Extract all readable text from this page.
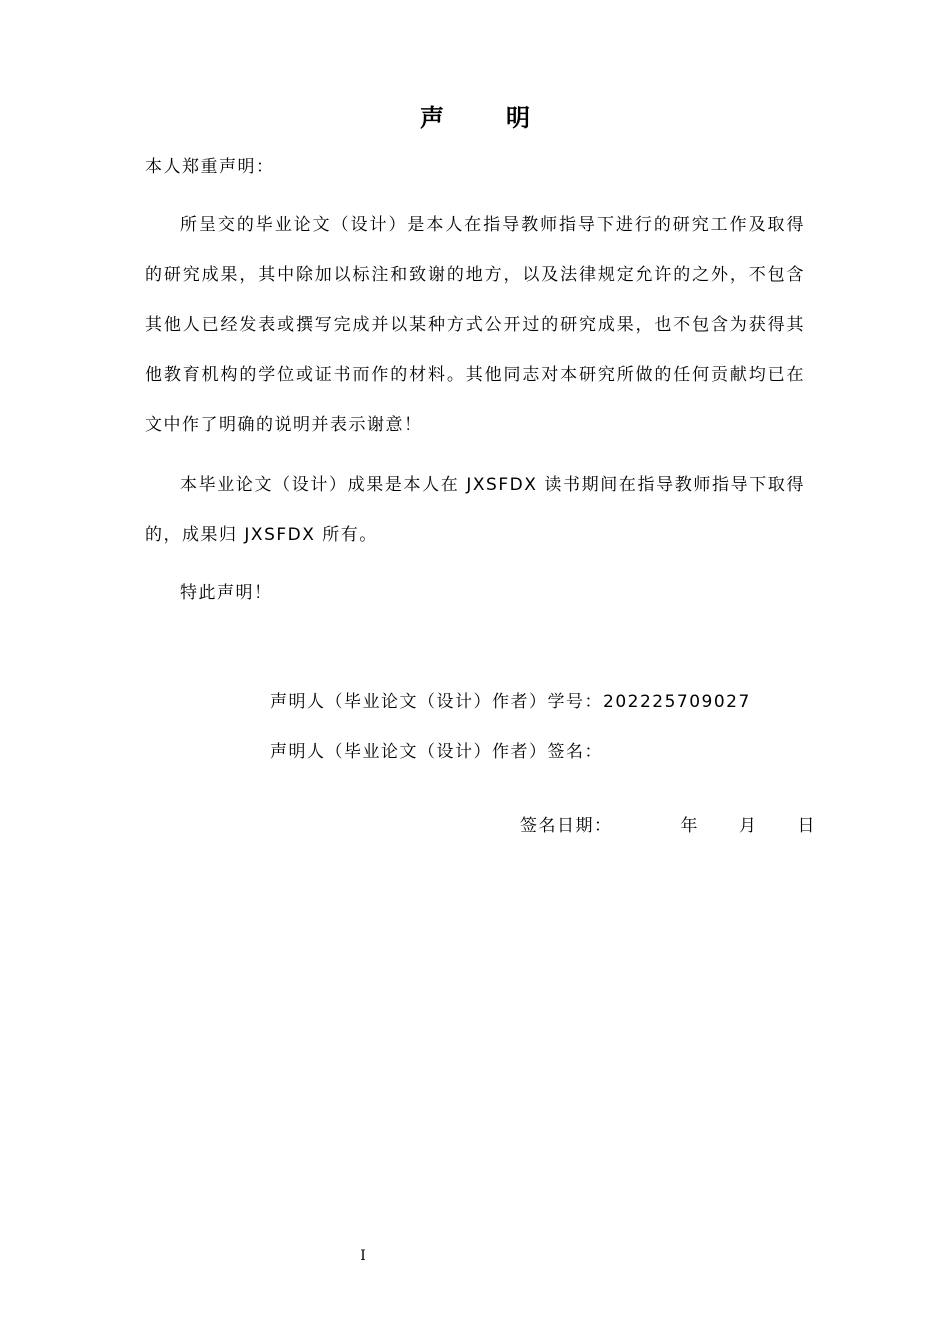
声	明
本人郑重声明：
所呈交的毕业论文（设计）是本人在指导教师指导下进行的研究工作及取得的研究成果，其中除加以标注和致谢的地方，以及法律规定允许的之外，不包含其他人已经发表或撰写完成并以某种方式公开过的研究成果，也不包含为获得其他教育机构的学位或证书而作的材料。其他同志对本研究所做的任何贡献均已在文中作了明确的说明并表示谢意！
本毕业论文（设计）成果是本人在 JXSFDX 读书期间在指导教师指导下取得的，成果归 JXSFDX 所有。
特此声明！
声明人（毕业论文（设计）作者）学号：202225709027
声明人（毕业论文（设计）作者）签名：
签名日期：	年 月 日
I
